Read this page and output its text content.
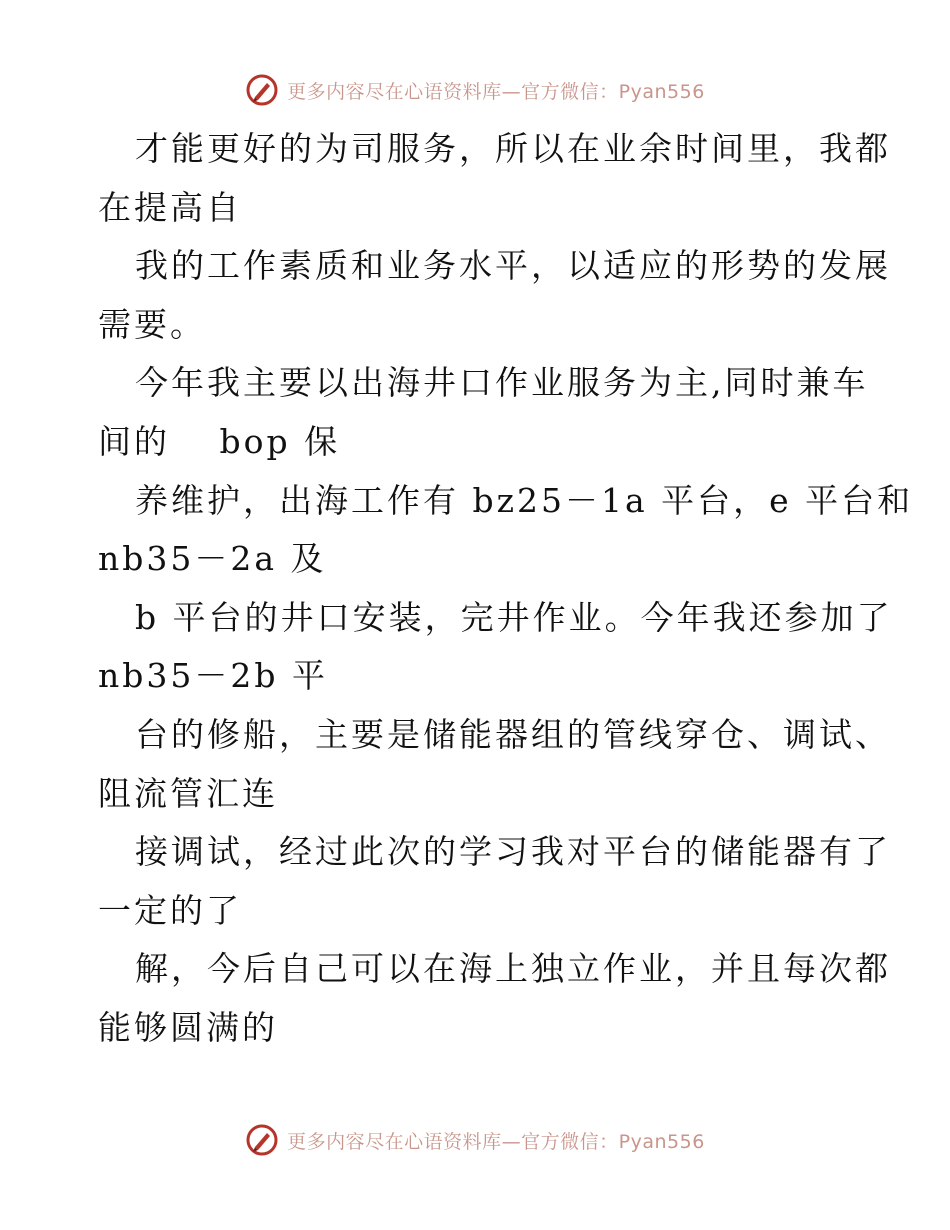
更多内容尽在心语资料库—官方微信：Pyan556
才能更好的为司服务，所以在业余时间里，我都
在提高自
我的工作素质和业务水平，以适应的形势的发展
需要。
今年我主要以出海井口作业服务为主,同时兼车
间的　 bop 保
养维护，出海工作有 bz25－1a 平台，e 平台和
nb35－2a 及
b 平台的井口安装，完井作业。今年我还参加了
nb35－2b 平
台的修船，主要是储能器组的管线穿仓、调试、
阻流管汇连
接调试，经过此次的学习我对平台的储能器有了
一定的了
解，今后自己可以在海上独立作业，并且每次都
能够圆满的
更多内容尽在心语资料库—官方微信：Pyan556
